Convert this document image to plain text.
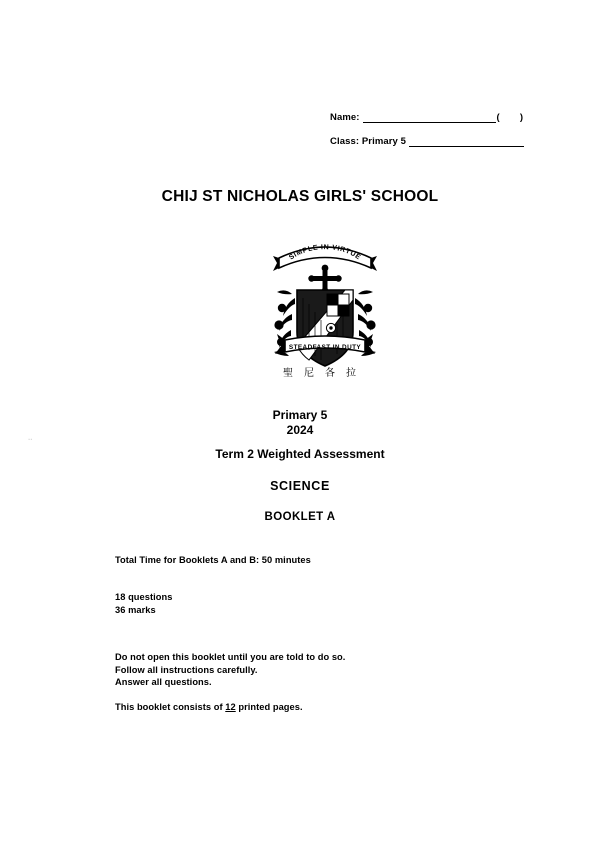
Name:	( )
Class: Primary 5
CHIJ ST NICHOLAS GIRLS' SCHOOL
SIMPLE IN VIRTUE
STEADFAST IN DUTY
聖尼各拉
Primary 5
2024
Term 2 Weighted Assessment
SCIENCE
BOOKLET A
Total Time for Booklets A and B: 50 minutes
18 questions
36 marks
Do not open this booklet until you are told to do so.
Follow all instructions carefully.
Answer all questions.
This booklet consists of 12 printed pages.
..
